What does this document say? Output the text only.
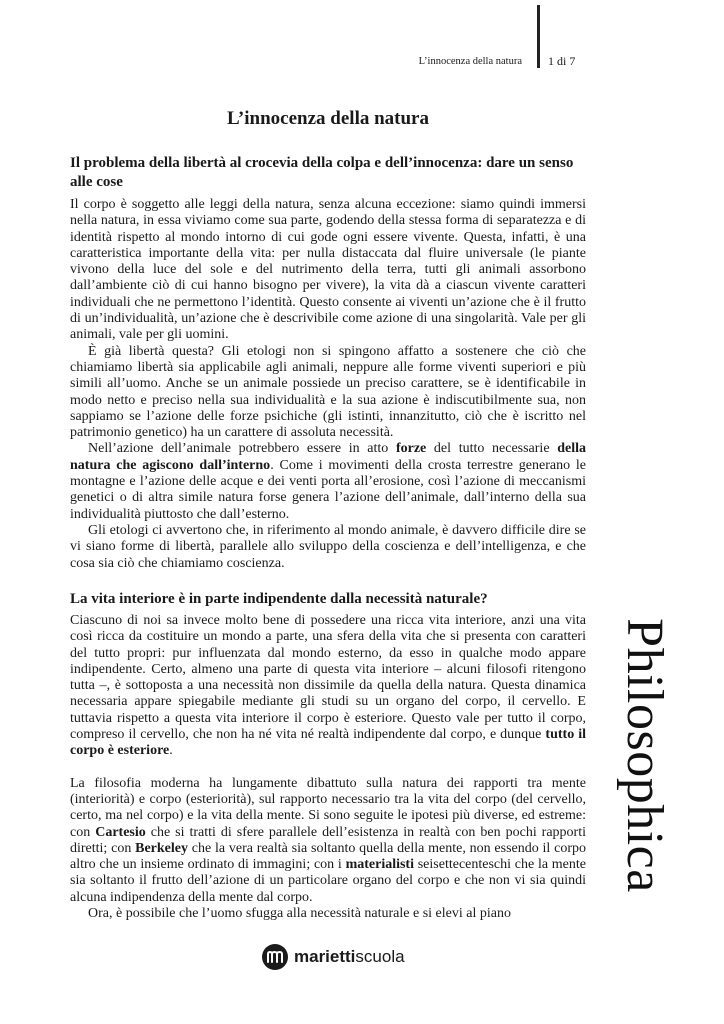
L’innocenza della natura 1 di 7
L’innocenza della natura
Il problema della libertà al crocevia della colpa e dell’innocenza: dare un senso alle cose

Il corpo è soggetto alle leggi della natura, senza alcuna eccezione: siamo quindi immersi nella natura, in essa viviamo come sua parte, godendo della stessa forma di separatezza e di identità rispetto al mondo intorno di cui gode ogni essere vivente. Questa, infatti, è una caratteristica importante della vita: per nulla distaccata dal fluire universale (le piante vivono della luce del sole e del nutrimento della terra, tutti gli animali assorbono dall’ambiente ciò di cui hanno bisogno per vivere), la vita dà a ciascun vivente caratteri individuali che ne permettono l’identità. Questo consente ai viventi un’azione che è il frutto di un’individualità, un’azione che è descrivibile come azione di una singolarità. Vale per gli animali, vale per gli uomini.

È già libertà questa? Gli etologi non si spingono affatto a sostenere che ciò che chiamiamo libertà sia applicabile agli animali, neppure alle forme viventi superiori e più simili all’uomo. Anche se un animale possiede un preciso carattere, se è identificabile in modo netto e preciso nella sua individualità e la sua azione è indiscutibilmente sua, non sappiamo se l’azione delle forze psichiche (gli istinti, innanzitutto, ciò che è iscritto nel patrimonio genetico) ha un carattere di assoluta necessità.

Nell’azione dell’animale potrebbero essere in atto forze del tutto necessarie della natura che agiscono dall’interno. Come i movimenti della crosta terrestre generano le montagne e l’azione delle acque e dei venti porta all’erosione, così l’azione di meccanismi genetici o di altra simile natura forse genera l’azione dell’animale, dall’interno della sua individualità piuttosto che dall’esterno.

Gli etologi ci avvertono che, in riferimento al mondo animale, è davvero difficile dire se vi siano forme di libertà, parallele allo sviluppo della coscienza e dell’intelligenza, e che cosa sia ciò che chiamiamo coscienza.

La vita interiore è in parte indipendente dalla necessità naturale?

Ciascuno di noi sa invece molto bene di possedere una ricca vita interiore, anzi una vita così ricca da costituire un mondo a parte, una sfera della vita che si presenta con caratteri del tutto propri: pur influenzata dal mondo esterno, da esso in qualche modo appare indipendente. Certo, almeno una parte di questa vita interiore – alcuni filosofi ritengono tutta –, è sottoposta a una necessità non dissimile da quella della natura. Questa dinamica necessaria appare spiegabile mediante gli studi su un organo del corpo, il cervello. E tuttavia rispetto a questa vita interiore il corpo è esteriore. Questo vale per tutto il corpo, compreso il cervello, che non ha né vita né realtà indipendente dal corpo, e dunque tutto il corpo è esteriore.

La filosofia moderna ha lungamente dibattuto sulla natura dei rapporti tra mente (interiorità) e corpo (esteriorità), sul rapporto necessario tra la vita del corpo (del cervello, certo, ma nel corpo) e la vita della mente. Si sono seguite le ipotesi più diverse, ed estreme: con Cartesio che si tratti di sfere parallele dell’esistenza in realtà con ben pochi rapporti diretti; con Berkeley che la vera realtà sia soltanto quella della mente, non essendo il corpo altro che un insieme ordinato di immagini; con i materialisti seisettecenteschi che la mente sia soltanto il frutto dell’azione di un particolare organo del corpo e che non vi sia quindi alcuna indipendenza della mente dal corpo.

Ora, è possibile che l’uomo sfugga alla necessità naturale e si elevi al piano

Philosophica
mariettiscuola
